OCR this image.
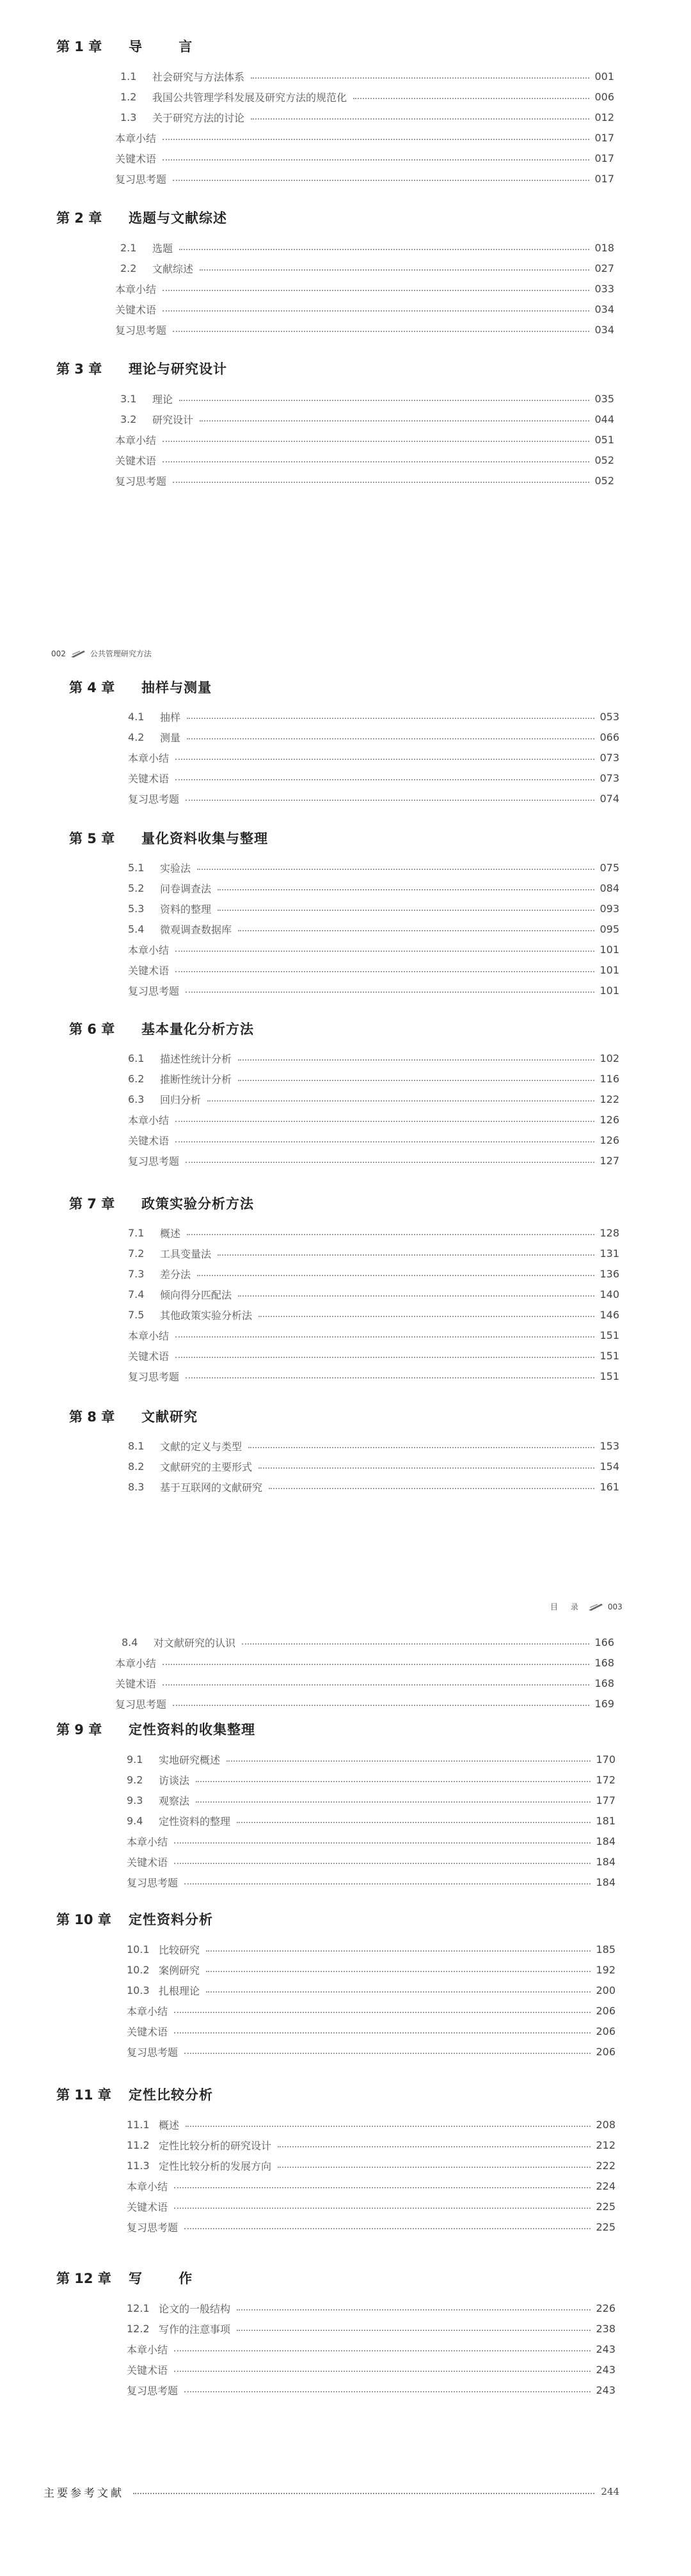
002	公共管理研究方法
目 录	003
主要参考文献	244
第 1 章 导 言
1.1	社会研究与方法体系	001
1.2	我国公共管理学科发展及研究方法的规范化	006
1.3	关于研究方法的讨论	012
本章小结	017
关键术语	017
复习思考题	017
第 2 章 选题与文献综述
2.1	选题	018
2.2	文献综述	027
本章小结	033
关键术语	034
复习思考题	034
第 3 章 理论与研究设计
3.1	理论	035
3.2	研究设计	044
本章小结	051
关键术语	052
复习思考题	052
第 4 章 抽样与测量
4.1	抽样	053
4.2	测量	066
本章小结	073
关键术语	073
复习思考题	074
第 5 章 量化资料收集与整理
5.1	实验法	075
5.2	问卷调查法	084
5.3	资料的整理	093
5.4	微观调查数据库	095
本章小结	101
关键术语	101
复习思考题	101
第 6 章 基本量化分析方法
6.1	描述性统计分析	102
6.2	推断性统计分析	116
6.3	回归分析	122
本章小结	126
关键术语	126
复习思考题	127
第 7 章 政策实验分析方法
7.1	概述	128
7.2	工具变量法	131
7.3	差分法	136
7.4	倾向得分匹配法	140
7.5	其他政策实验分析法	146
本章小结	151
关键术语	151
复习思考题	151
第 8 章 文献研究
8.1	文献的定义与类型	153
8.2	文献研究的主要形式	154
8.3	基于互联网的文献研究	161
8.4	对文献研究的认识	166
本章小结	168
关键术语	168
复习思考题	169
第 9 章 定性资料的收集整理
9.1	实地研究概述	170
9.2	访谈法	172
9.3	观察法	177
9.4	定性资料的整理	181
本章小结	184
关键术语	184
复习思考题	184
第 10 章 定性资料分析
10.1 比较研究	185
10.2 案例研究	192
10.3 扎根理论	200
本章小结	206
关键术语	206
复习思考题	206
第 11 章 定性比较分析
11.1 概述	208
11.2 定性比较分析的研究设计	212
11.3 定性比较分析的发展方向	222
本章小结	224
关键术语	225
复习思考题	225
第 12 章 写 作
12.1 论文的一般结构	226
12.2 写作的注意事项	238
本章小结	243
关键术语	243
复习思考题	243
